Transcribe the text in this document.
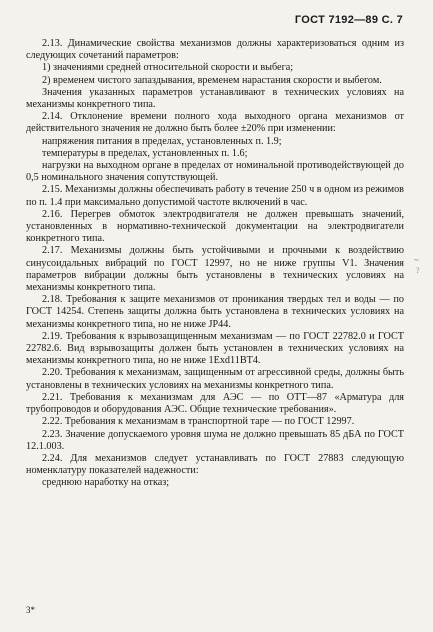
ГОСТ 7192—89 С. 7

2.13. Динамические свойства механизмов должны характеризоваться одним из следующих сочетаний параметров:

1) значениями средней относительной скорости и выбега;

2) временем чистого запаздывания, временем нарастания скорости и выбегом.

Значения указанных параметров устанавливают в технических условиях на механизмы конкретного типа.

2.14. Отклонение времени полного хода выходного органа механизмов от действительного значения не должно быть более ±20% при изменении:

напряжения питания в пределах, установленных п. 1.9;

температуры в пределах, установленных п. 1.6;

нагрузки на выходном органе в пределах от номинальной противодействующей до 0,5 номинального значения сопутствующей.

2.15. Механизмы должны обеспечивать работу в течение 250 ч в одном из режимов по п. 1.4 при максимально допустимой частоте включений в час.

2.16. Перегрев обмоток электродвигателя не должен превышать значений, установленных в нормативно-технической документации на электродвигатели конкретного типа.

2.17. Механизмы должны быть устойчивыми и прочными к воздействию синусоидальных вибраций по ГОСТ 12997, но не ниже группы V1. Значения параметров вибрации должны быть установлены в технических условиях на механизмы конкретного типа.

2.18. Требования к защите механизмов от проникания твердых тел и воды — по ГОСТ 14254. Степень защиты должна быть установлена в технических условиях на механизмы конкретного типа, но не ниже JP44.

2.19. Требования к взрывозащищенным механизмам — по ГОСТ 22782.0 и ГОСТ 22782.6. Вид взрывозащиты должен быть установлен в технических условиях на механизмы конкретного типа, но не ниже 1Exd11BT4.

2.20. Требования к механизмам, защищенным от агрессивной среды, должны быть установлены в технических условиях на механизмы конкретного типа.

2.21. Требования к механизмам для АЭС — по ОТТ—87 «Арматура для трубопроводов и оборудования АЭС. Общие технические требования».

2.22. Требования к механизмам в транспортной таре — по ГОСТ 12997.

2.23. Значение допускаемого уровня шума не должно превышать 85 дБА по ГОСТ 12.1.003.

2.24. Для механизмов следует устанавливать по ГОСТ 27883 следующую номенклатуру показателей надежности:

среднюю наработку на отказ;

~
?
3*
